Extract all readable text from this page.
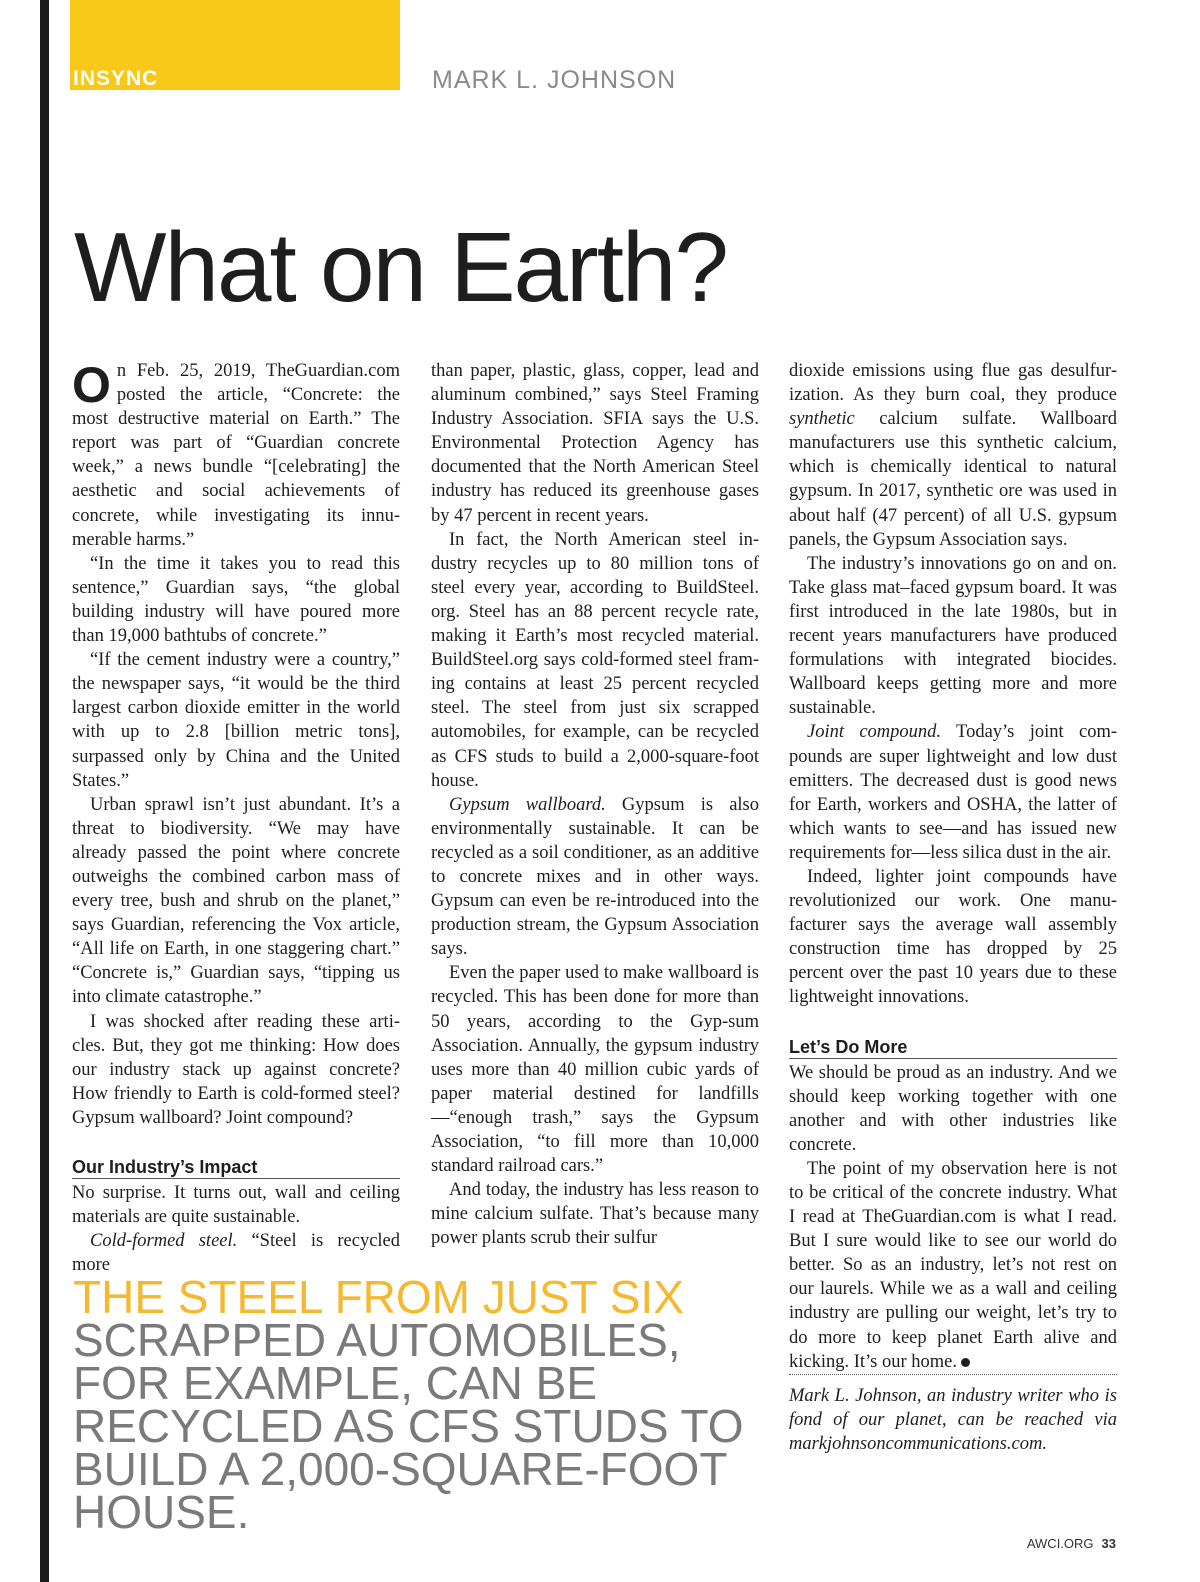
INSYNC	MARK L. JOHNSON
What on Earth?

On Feb. 25, 2019, TheGuardian.com posted the article, “Concrete: the most destructive material on Earth.” The report was part of “Guardian concrete week,” a news bundle “[celebrating] the aesthetic and social achievements of concrete, while investigating its innu-merable harms.”

“In the time it takes you to read this sentence,” Guardian says, “the global building industry will have poured more than 19,000 bathtubs of concrete.”

“If the cement industry were a country,” the newspaper says, “it would be the third largest carbon dioxide emitter in the world with up to 2.8 [billion metric tons], surpassed only by China and the United States.”

Urban sprawl isn’t just abundant. It’s a threat to biodiversity. “We may have already passed the point where concrete outweighs the combined carbon mass of every tree, bush and shrub on the planet,” says Guardian, referencing the Vox article, “All life on Earth, in one staggering chart.” “Concrete is,” Guardian says, “tipping us into climate catastrophe.”

I was shocked after reading these arti-cles. But, they got me thinking: How does our industry stack up against concrete? How friendly to Earth is cold-formed steel? Gypsum wallboard? Joint compound?

Our Industry’s Impact

No surprise. It turns out, wall and ceiling materials are quite sustainable.

Cold-formed steel. “Steel is recycled more

than paper, plastic, glass, copper, lead and aluminum combined,” says Steel Framing Industry Association. SFIA says the U.S. Environmental Protection Agency has documented that the North American Steel industry has reduced its greenhouse gases by 47 percent in recent years.

In fact, the North American steel in-dustry recycles up to 80 million tons of steel every year, according to BuildSteel. org. Steel has an 88 percent recycle rate, making it Earth’s most recycled material. BuildSteel.org says cold-formed steel fram-ing contains at least 25 percent recycled steel. The steel from just six scrapped automobiles, for example, can be recycled as CFS studs to build a 2,000-square-foot house.

Gypsum wallboard. Gypsum is also environmentally sustainable. It can be recycled as a soil conditioner, as an additive to concrete mixes and in other ways. Gypsum can even be re-introduced into the production stream, the Gypsum Association says.

Even the paper used to make wallboard is recycled. This has been done for more than 50 years, according to the Gyp-sum Association. Annually, the gypsum industry uses more than 40 million cubic yards of paper material destined for landfills—“enough trash,” says the Gypsum Association, “to fill more than 10,000 standard railroad cars.”

And today, the industry has less reason to mine calcium sulfate. That’s because many power plants scrub their sulfur

dioxide emissions using flue gas desulfur-ization. As they burn coal, they produce synthetic calcium sulfate. Wallboard manufacturers use this synthetic calcium, which is chemically identical to natural gypsum. In 2017, synthetic ore was used in about half (47 percent) of all U.S. gypsum panels, the Gypsum Association says.

The industry’s innovations go on and on. Take glass mat–faced gypsum board. It was first introduced in the late 1980s, but in recent years manufacturers have produced formulations with integrated biocides. Wallboard keeps getting more and more sustainable.

Joint compound. Today’s joint com-pounds are super lightweight and low dust emitters. The decreased dust is good news for Earth, workers and OSHA, the latter of which wants to see—and has issued new requirements for—less silica dust in the air.

Indeed, lighter joint compounds have revolutionized our work. One manu-facturer says the average wall assembly construction time has dropped by 25 percent over the past 10 years due to these lightweight innovations.

Let’s Do More

We should be proud as an industry. And we should keep working together with one another and with other industries like concrete.

The point of my observation here is not to be critical of the concrete industry. What I read at TheGuardian.com is what I read. But I sure would like to see our world do better. So as an industry, let’s not rest on our laurels. While we as a wall and ceiling industry are pulling our weight, let’s try to do more to keep planet Earth alive and kicking. It’s our home.

Mark L. Johnson, an industry writer who is fond of our planet, can be reached via markjohnsoncommunications.com.

THE STEEL FROM JUST SIX
SCRAPPED AUTOMOBILES, FOR EXAMPLE, CAN BE RECYCLED AS CFS STUDS TO BUILD A 2,000-SQUARE-FOOT HOUSE.
AWCI.ORG 33
